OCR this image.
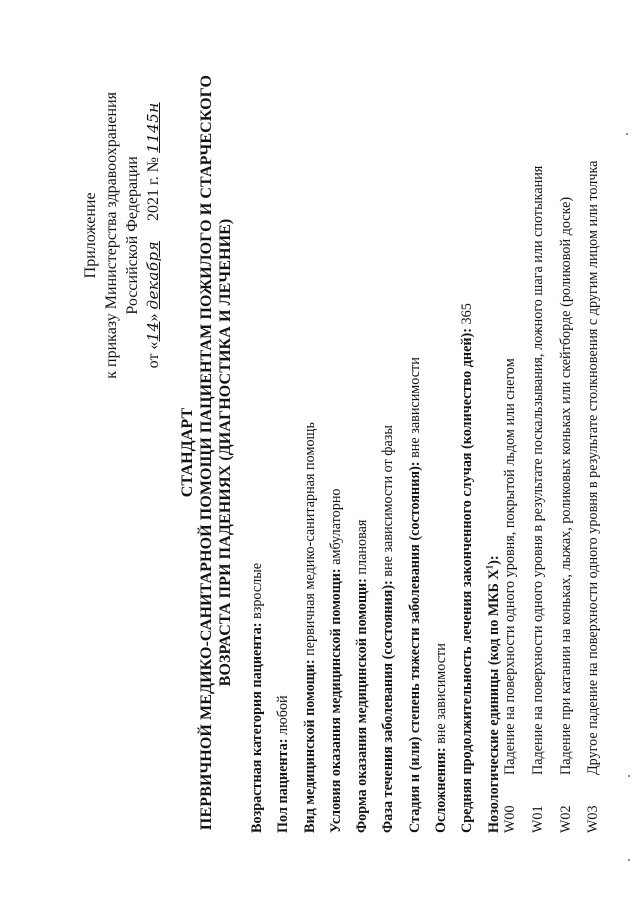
Приложение к приказу Министерства здравоохранения Российской Федерации
от «14» декабря     2021 г. № 1145н
СТАНДАРТ ПЕРВИЧНОЙ МЕДИКО-САНИТАРНОЙ ПОМОЩИ ПАЦИЕНТАМ ПОЖИЛОГО И СТАРЧЕСКОГО ВОЗРАСТА ПРИ ПАДЕНИЯХ (ДИАГНОСТИКА И ЛЕЧЕНИЕ)
Возрастная категория пациента: взрослые
Пол пациента: любой Вид медицинской помощи: первичная медико-санитарная помощь
Условия оказания медицинской помощи: амбулаторно
Форма оказания медицинской помощи: плановая
Фаза течения заболевания (состояния): вне зависимости от фазы Стадия и (или) степень тяжести заболевания (состояния): вне зависимости
Осложнения: вне зависимости Средняя продолжительность лечения законченного случая (количество дней): 365
Нозологические единицы (код по МКБ $X^1$):
W00Падение на поверхности одного уровня, покрытой льдом или снегом
W01Падение на поверхности одного уровня в результате поскальзывания, ложного шага или спотыкания
W02Падение при катании на коньках, лыжах, роликовых коньках или скейтборде (роликовой доске)
W03Другое падение на поверхности одного уровня в результате столкновения с другим лицом или толчка
